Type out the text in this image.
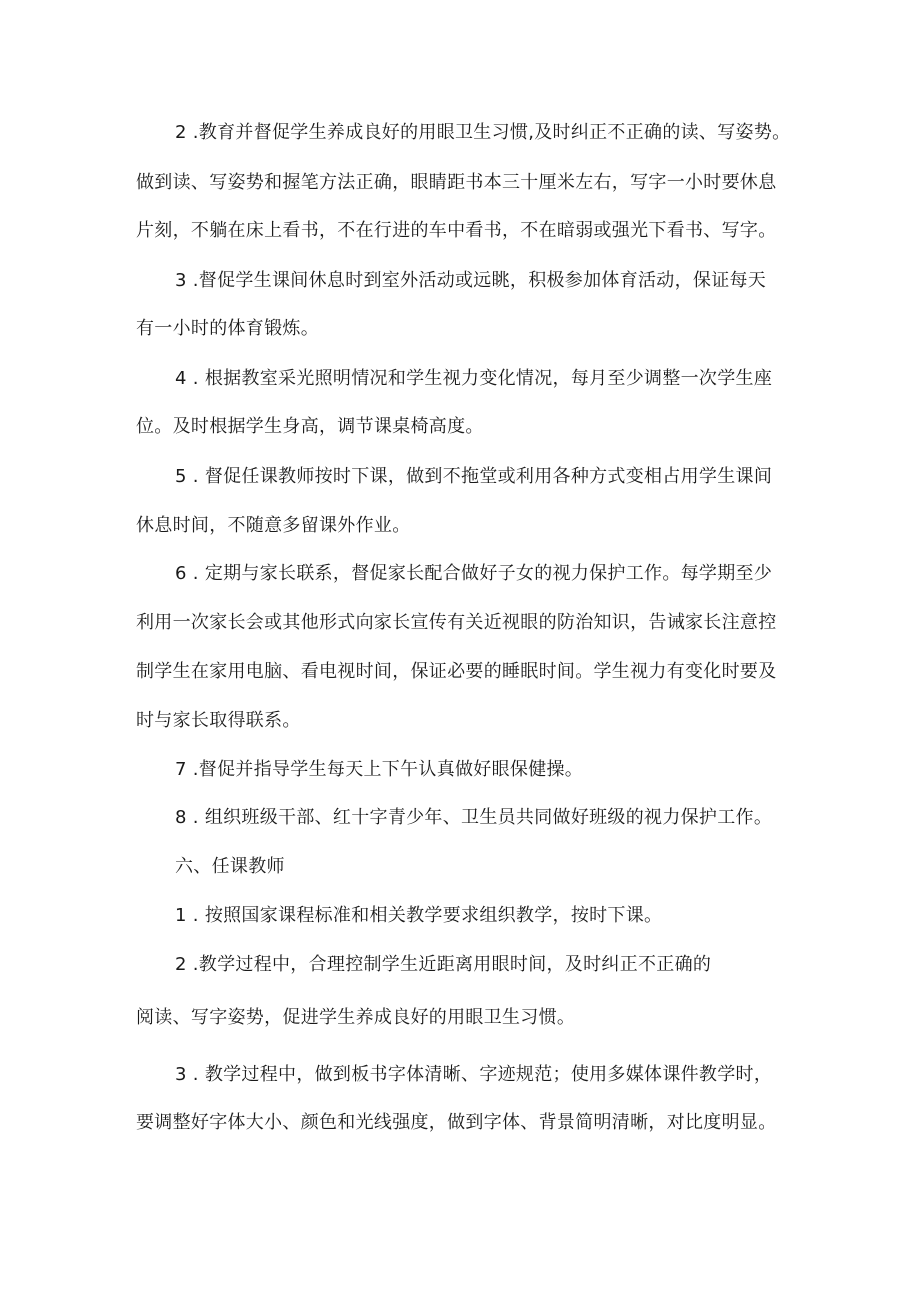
2 .教育并督促学生养成良好的用眼卫生习惯,及时纠正不正确的读、写姿势。
做到读、写姿势和握笔方法正确，眼睛距书本三十厘米左右，写字一小时要休息
片刻，不躺在床上看书，不在行进的车中看书，不在暗弱或强光下看书、写字。
3 .督促学生课间休息时到室外活动或远眺，积极参加体育活动，保证每天
有一小时的体育锻炼。
4 . 根据教室采光照明情况和学生视力变化情况，每月至少调整一次学生座
位。及时根据学生身高，调节课桌椅高度。
5 . 督促任课教师按时下课，做到不拖堂或利用各种方式变相占用学生课间
休息时间，不随意多留课外作业。
6 . 定期与家长联系，督促家长配合做好子女的视力保护工作。每学期至少
利用一次家长会或其他形式向家长宣传有关近视眼的防治知识，告诫家长注意控
制学生在家用电脑、看电视时间，保证必要的睡眠时间。学生视力有变化时要及
时与家长取得联系。
7 .督促并指导学生每天上下午认真做好眼保健操。
8 . 组织班级干部、红十字青少年、卫生员共同做好班级的视力保护工作。
六、任课教师
1 . 按照国家课程标准和相关教学要求组织教学，按时下课。
2 .教学过程中，合理控制学生近距离用眼时间，及时纠正不正确的
阅读、写字姿势，促进学生养成良好的用眼卫生习惯。
3 . 教学过程中，做到板书字体清晰、字迹规范；使用多媒体课件教学时，
要调整好字体大小、颜色和光线强度，做到字体、背景简明清晰，对比度明显。
